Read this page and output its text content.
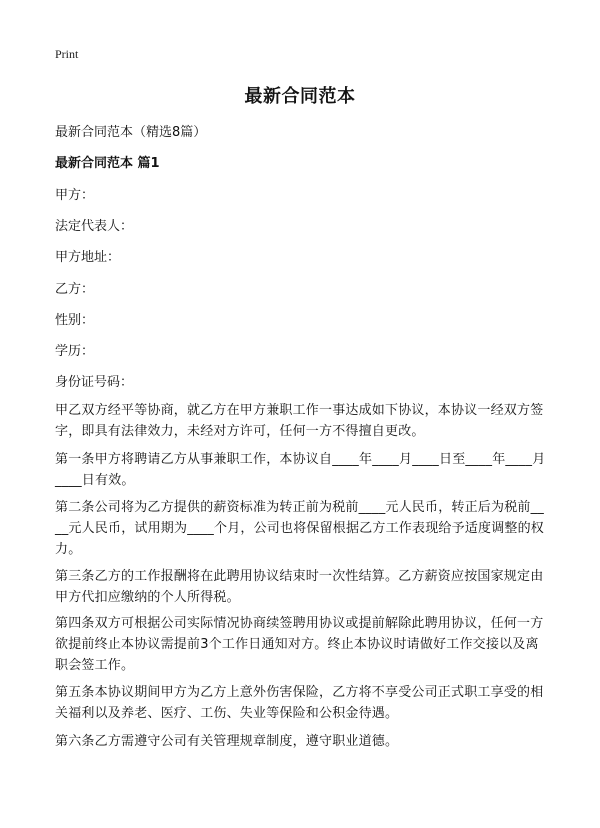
Print
最新合同范本
最新合同范本（精选8篇）
最新合同范本 篇1
甲方：
法定代表人：
甲方地址：
乙方：
性别：
学历：
身份证号码：
甲乙双方经平等协商，就乙方在甲方兼职工作一事达成如下协议，本协议一经双方签字，即具有法律效力，未经对方许可，任何一方不得擅自更改。
第一条甲方将聘请乙方从事兼职工作，本协议自____年____月____日至____年____月____日有效。
第二条公司将为乙方提供的薪资标准为转正前为税前____元人民币，转正后为税前____元人民币，试用期为____个月，公司也将保留根据乙方工作表现给予适度调整的权力。
第三条乙方的工作报酬将在此聘用协议结束时一次性结算。乙方薪资应按国家规定由甲方代扣应缴纳的个人所得税。
第四条双方可根据公司实际情况协商续签聘用协议或提前解除此聘用协议，任何一方欲提前终止本协议需提前3个工作日通知对方。终止本协议时请做好工作交接以及离职会签工作。
第五条本协议期间甲方为乙方上意外伤害保险，乙方将不享受公司正式职工享受的相关福利以及养老、医疗、工伤、失业等保险和公积金待遇。
第六条乙方需遵守公司有关管理规章制度，遵守职业道德。
